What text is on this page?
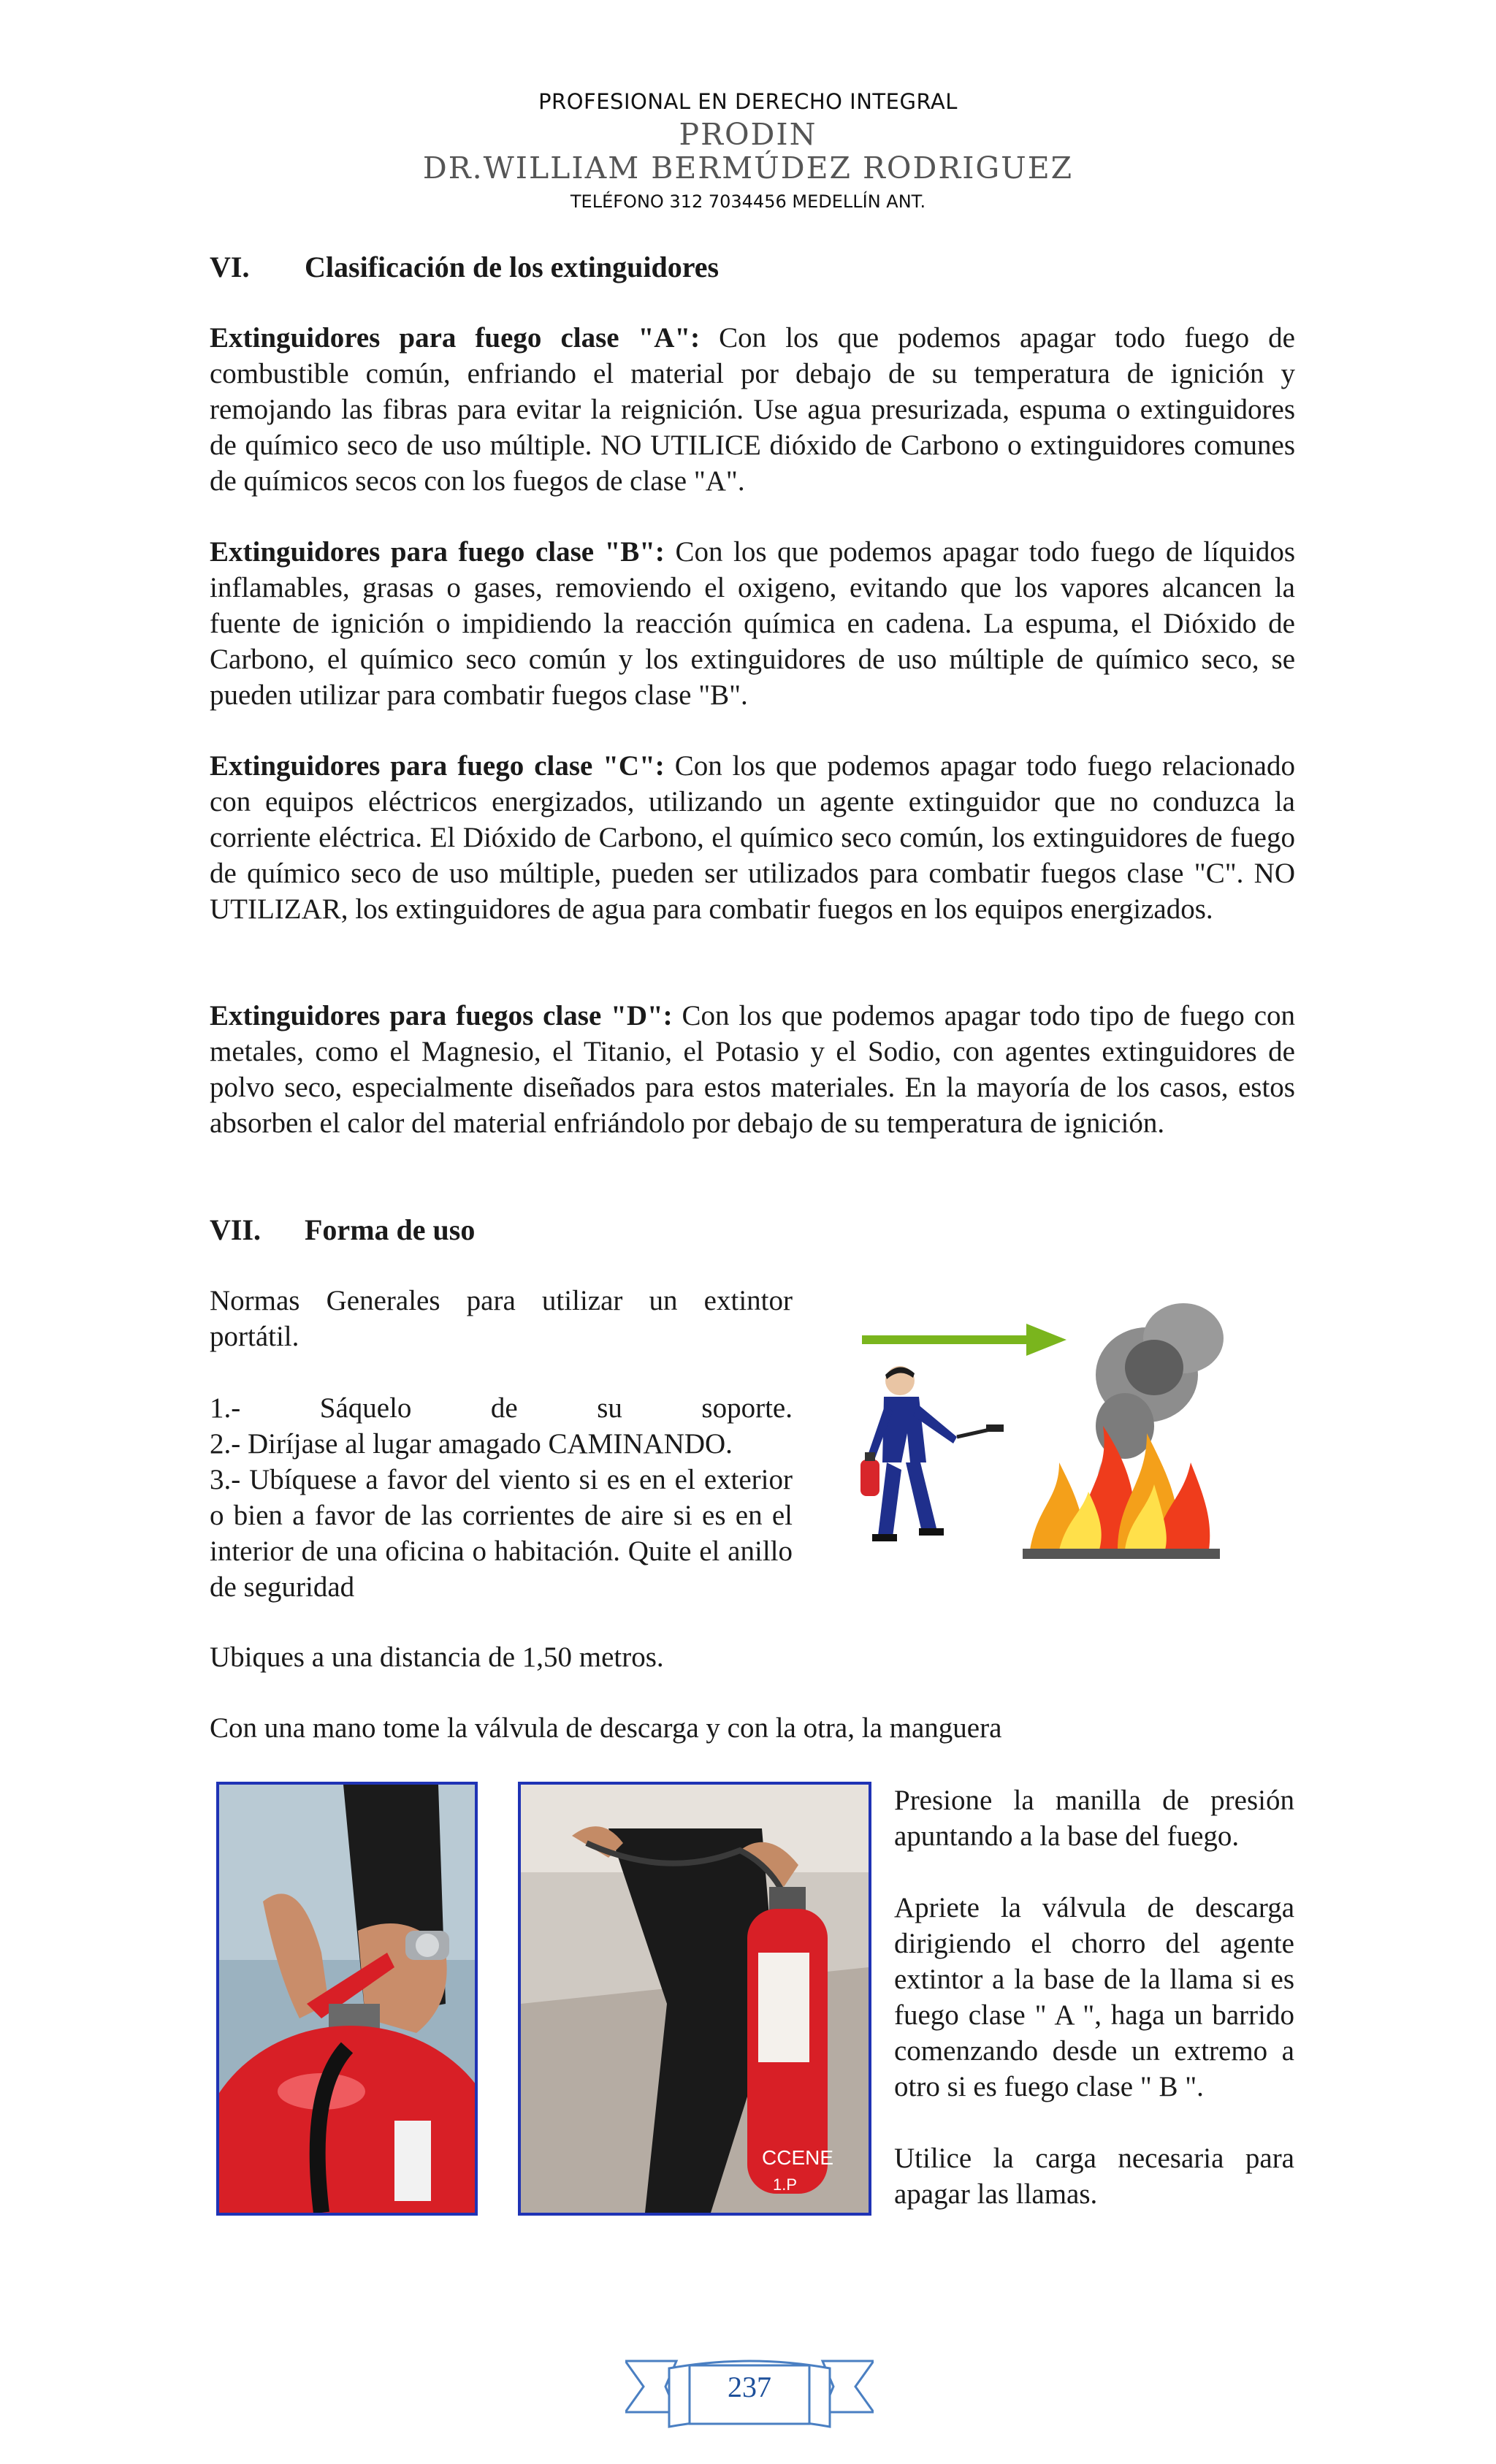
PROFESIONAL EN DERECHO INTEGRAL
PRODIN
DR.WILLIAM BERMÚDEZ RODRIGUEZ
TELÉFONO 312 7034456 MEDELLÍN ANT.
VI. Clasificación de los extinguidores

Extinguidores para fuego clase "A": Con los que podemos apagar todo fuego de combustible común, enfriando el material por debajo de su temperatura de ignición y remojando las fibras para evitar la reignición. Use agua presurizada, espuma o extinguidores de químico seco de uso múltiple. NO UTILICE dióxido de Carbono o extinguidores comunes de químicos secos con los fuegos de clase "A".

Extinguidores para fuego clase "B": Con los que podemos apagar todo fuego de líquidos inflamables, grasas o gases, removiendo el oxigeno, evitando que los vapores alcancen la fuente de ignición o impidiendo la reacción química en cadena. La espuma, el Dióxido de Carbono, el químico seco común y los extinguidores de uso múltiple de químico seco, se pueden utilizar para combatir fuegos clase "B".

Extinguidores para fuego clase "C": Con los que podemos apagar todo fuego relacionado con equipos eléctricos energizados, utilizando un agente extinguidor que no conduzca la corriente eléctrica. El Dióxido de Carbono, el químico seco común, los extinguidores de fuego de químico seco de uso múltiple, pueden ser utilizados para combatir fuegos clase "C". NO UTILIZAR, los extinguidores de agua para combatir fuegos en los equipos energizados.

Extinguidores para fuegos clase "D": Con los que podemos apagar todo tipo de fuego con metales, como el Magnesio, el Titanio, el Potasio y el Sodio, con agentes extinguidores de polvo seco, especialmente diseñados para estos materiales. En la mayoría de los casos, estos absorben el calor del material enfriándolo por debajo de su temperatura de ignición.

VII. Forma de uso

Normas Generales para utilizar un extintor portátil.

1.- Sáquelo de su soporte.

2.- Diríjase al lugar amagado CAMINANDO.

3.- Ubíquese a favor del viento si es en el exterior o bien a favor de las corrientes de aire si es en el interior de una oficina o habitación. Quite el anillo de seguridad

Ubiques a una distancia de 1,50 metros.

Con una mano tome la válvula de descarga y con la otra, la manguera

CCENE
1.P

Presione la manilla de presión apuntando a la base del fuego.

Apriete la válvula de descarga dirigiendo el chorro del agente extintor a la base de la llama si es fuego clase " A ", haga un barrido comenzando desde un extremo a otro si es fuego clase " B ".

Utilice la carga necesaria para apagar las llamas.

237
